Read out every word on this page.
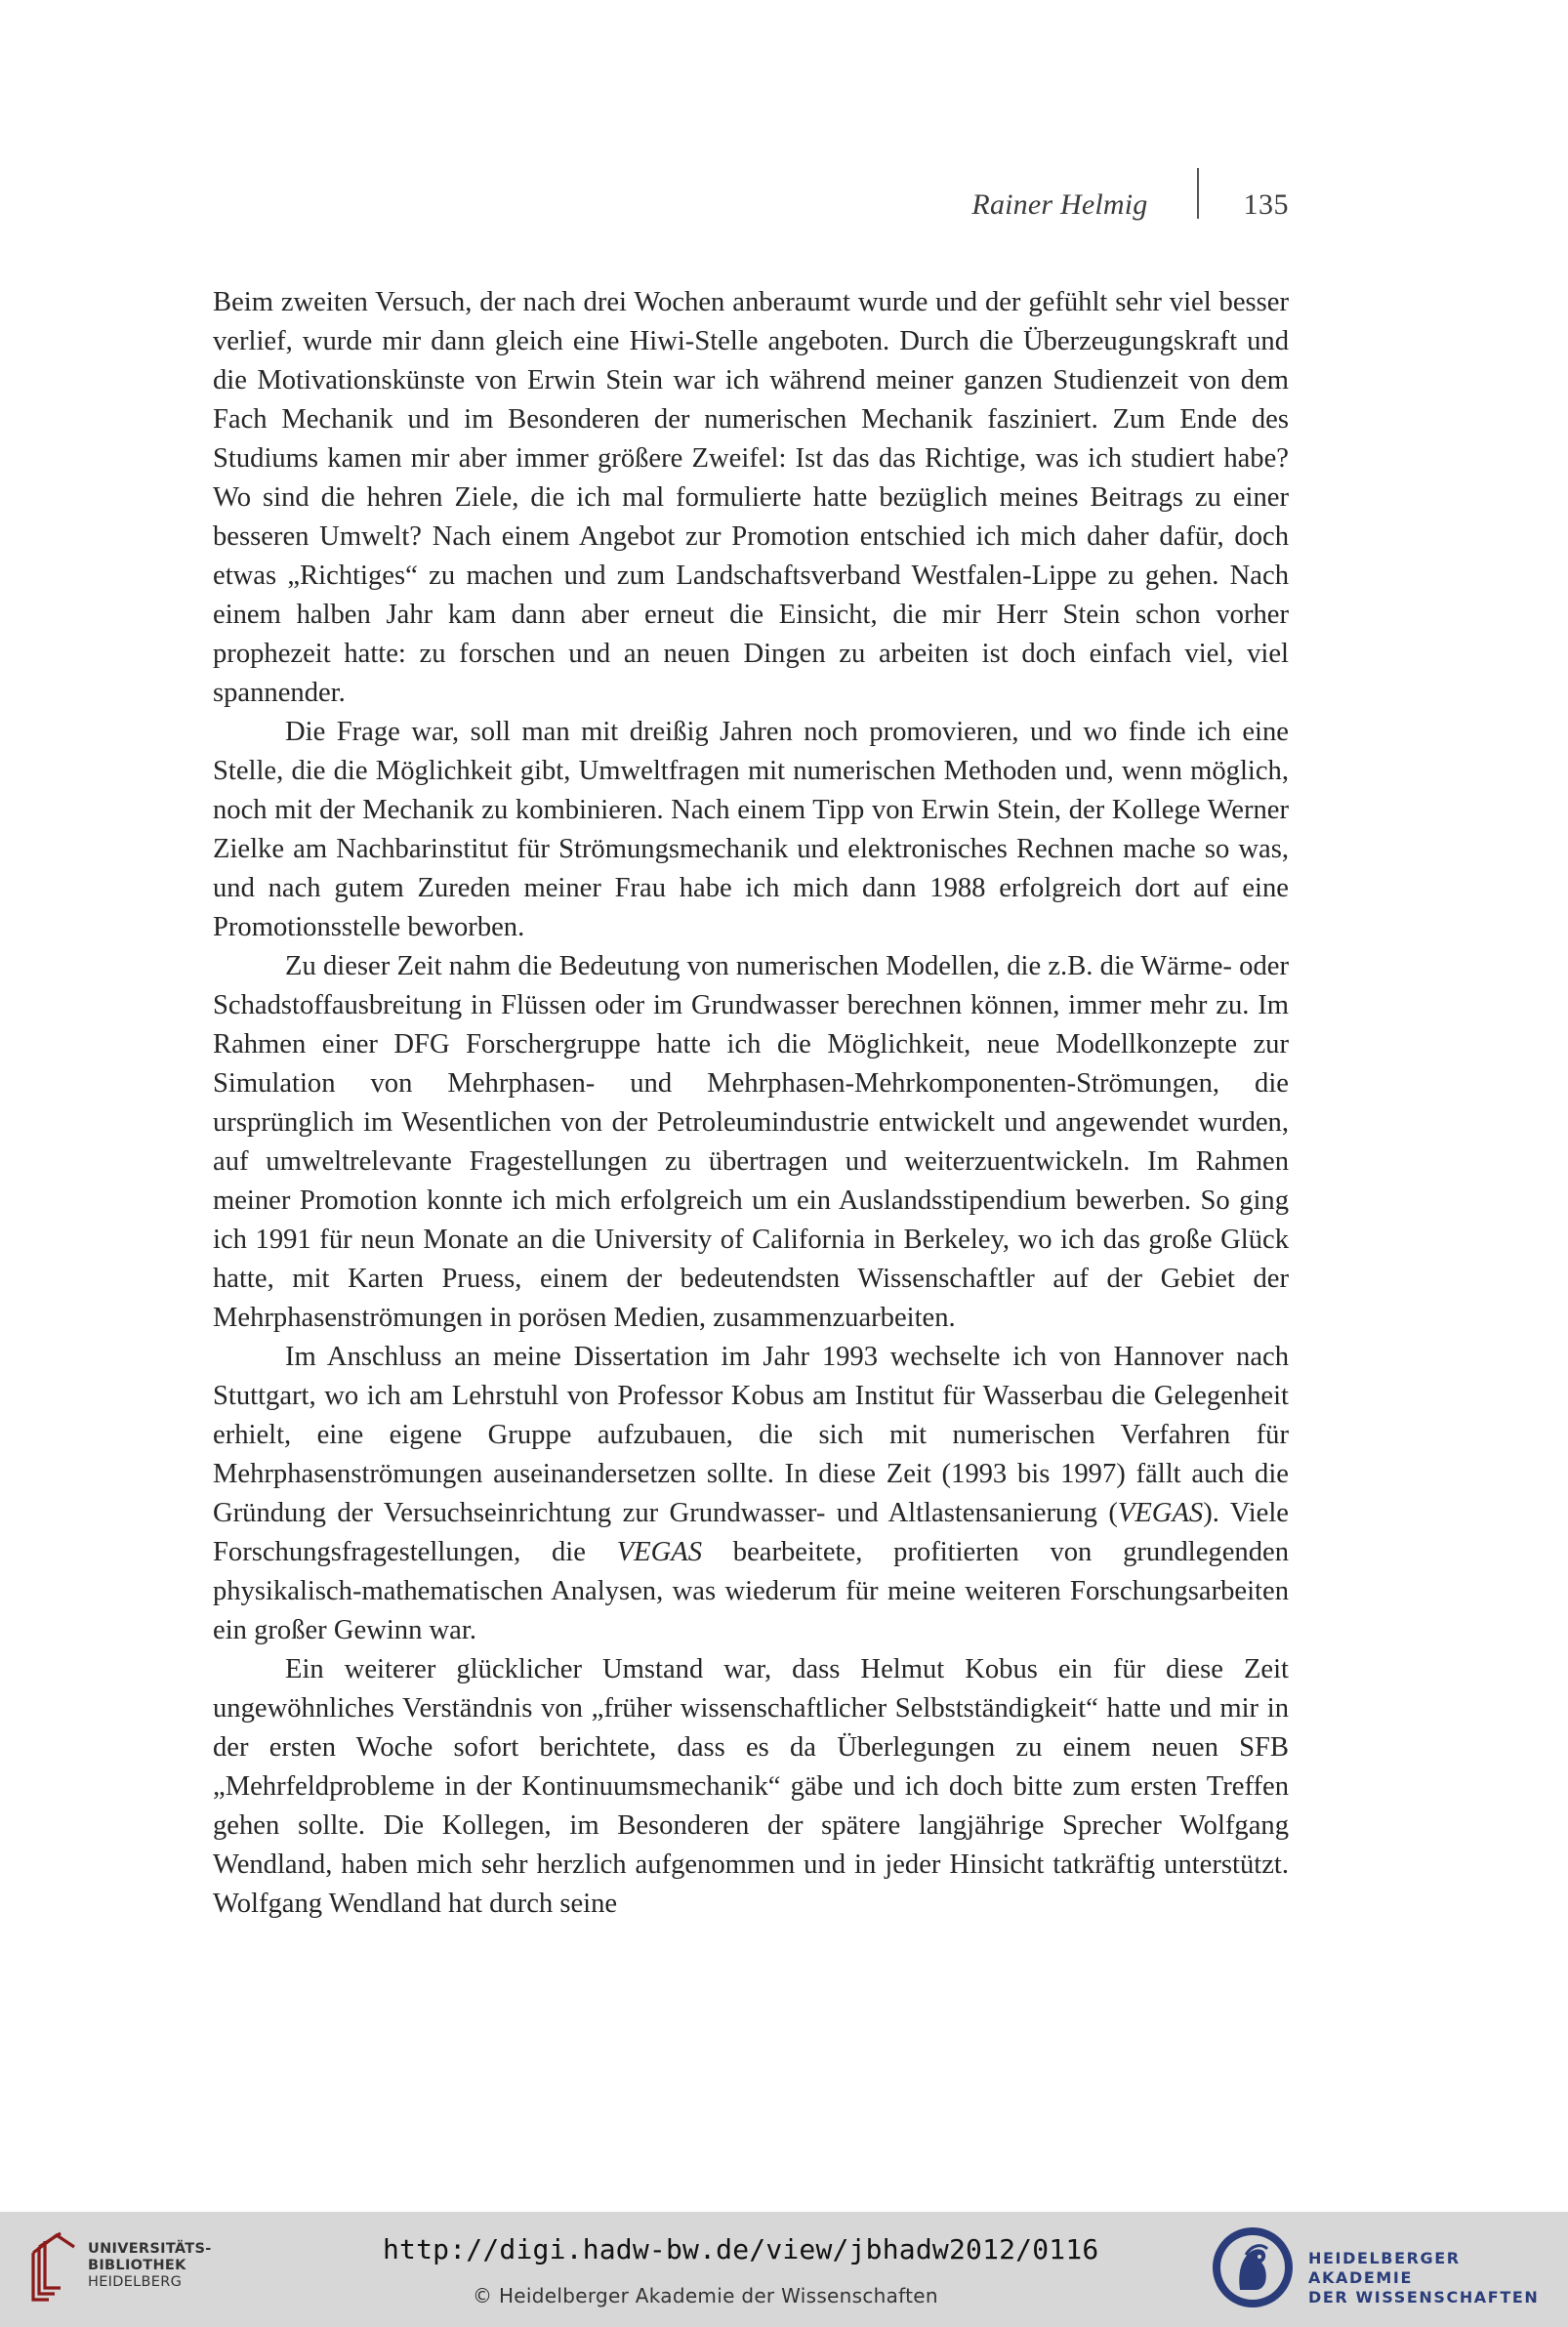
Rainer Helmig	135

Beim zweiten Versuch, der nach drei Wochen anberaumt wurde und der gefühlt sehr viel besser verlief, wurde mir dann gleich eine Hiwi-Stelle angeboten. Durch die Überzeugungskraft und die Motivationskünste von Erwin Stein war ich während meiner ganzen Studienzeit von dem Fach Mechanik und im Besonderen der numerischen Mechanik fasziniert. Zum Ende des Studiums kamen mir aber immer größere Zweifel: Ist das das Richtige, was ich studiert habe? Wo sind die hehren Ziele, die ich mal formulierte hatte bezüglich meines Beitrags zu einer besseren Umwelt? Nach einem Angebot zur Promotion entschied ich mich daher dafür, doch etwas „Richtiges“ zu machen und zum Landschaftsverband Westfalen-Lippe zu gehen. Nach einem halben Jahr kam dann aber erneut die Einsicht, die mir Herr Stein schon vorher prophezeit hatte: zu forschen und an neuen Dingen zu arbeiten ist doch einfach viel, viel spannender.

Die Frage war, soll man mit dreißig Jahren noch promovieren, und wo finde ich eine Stelle, die die Möglichkeit gibt, Umweltfragen mit numerischen Methoden und, wenn möglich, noch mit der Mechanik zu kombinieren. Nach einem Tipp von Erwin Stein, der Kollege Werner Zielke am Nachbarinstitut für Strömungsmechanik und elektronisches Rechnen mache so was, und nach gutem Zureden meiner Frau habe ich mich dann 1988 erfolgreich dort auf eine Promotionsstelle beworben.

Zu dieser Zeit nahm die Bedeutung von numerischen Modellen, die z.B. die Wärme- oder Schadstoffausbreitung in Flüssen oder im Grundwasser berechnen können, immer mehr zu. Im Rahmen einer DFG Forschergruppe hatte ich die Möglichkeit, neue Modellkonzepte zur Simulation von Mehrphasen- und Mehrphasen-Mehrkomponenten-Strömungen, die ursprünglich im Wesentlichen von der Petroleumindustrie entwickelt und angewendet wurden, auf umweltrelevante Fragestellungen zu übertragen und weiterzuentwickeln. Im Rahmen meiner Promotion konnte ich mich erfolgreich um ein Auslandsstipendium bewerben. So ging ich 1991 für neun Monate an die University of California in Berkeley, wo ich das große Glück hatte, mit Karten Pruess, einem der bedeutendsten Wissenschaftler auf der Gebiet der Mehrphasenströmungen in porösen Medien, zusammenzuarbeiten.

Im Anschluss an meine Dissertation im Jahr 1993 wechselte ich von Hannover nach Stuttgart, wo ich am Lehrstuhl von Professor Kobus am Institut für Wasserbau die Gelegenheit erhielt, eine eigene Gruppe aufzubauen, die sich mit numerischen Verfahren für Mehrphasenströmungen auseinandersetzen sollte. In diese Zeit (1993 bis 1997) fällt auch die Gründung der Versuchseinrichtung zur Grundwasser- und Altlastensanierung (VEGAS). Viele Forschungsfragestellungen, die VEGAS bearbeitete, profitierten von grundlegenden physikalisch-mathematischen Analysen, was wiederum für meine weiteren Forschungsarbeiten ein großer Gewinn war.

Ein weiterer glücklicher Umstand war, dass Helmut Kobus ein für diese Zeit ungewöhnliches Verständnis von „früher wissenschaftlicher Selbstständigkeit“ hatte und mir in der ersten Woche sofort berichtete, dass es da Überlegungen zu einem neuen SFB „Mehrfeldprobleme in der Kontinuumsmechanik“ gäbe und ich doch bitte zum ersten Treffen gehen sollte. Die Kollegen, im Besonderen der spätere langjährige Sprecher Wolfgang Wendland, haben mich sehr herzlich aufgenommen und in jeder Hinsicht tatkräftig unterstützt. Wolfgang Wendland hat durch seine

UNIVERSITÄTS-
BIBLIOTHEK
HEIDELBERG
http://digi.hadw-bw.de/view/jbhadw2012/0116
© Heidelberger Akademie der Wissenschaften
HEIDELBERGER AKADEMIE
DER WISSENSCHAFTEN
